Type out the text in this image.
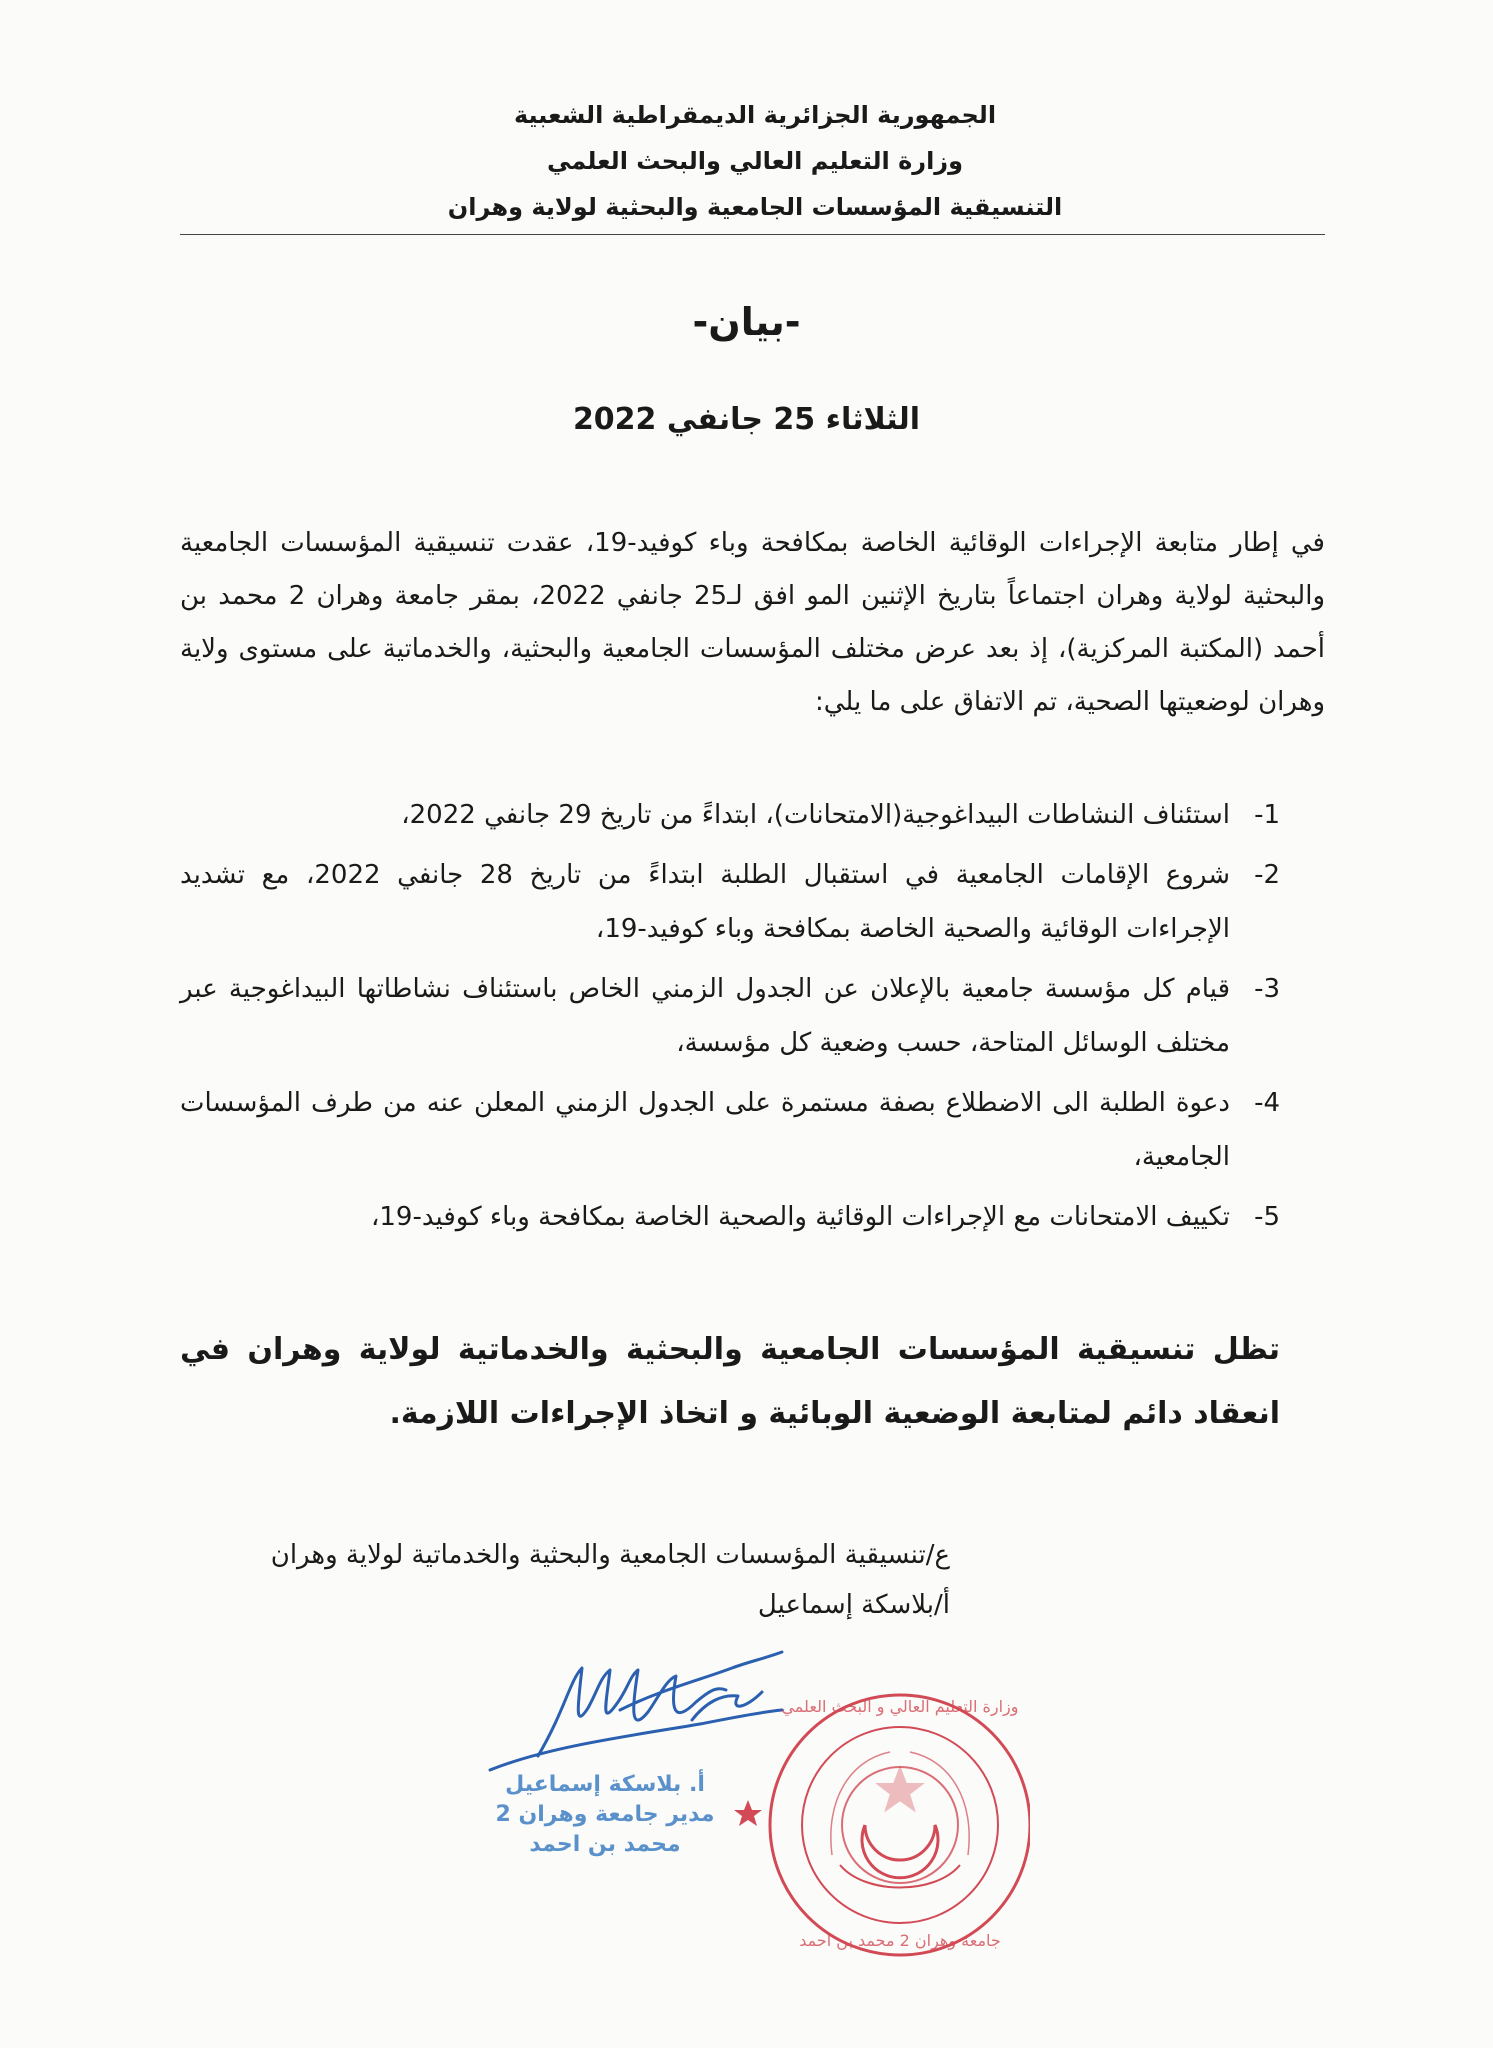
الجمهورية الجزائرية الديمقراطية الشعبية
وزارة التعليم العالي والبحث العلمي
التنسيقية المؤسسات الجامعية والبحثية لولاية وهران
-بيان-
الثلاثاء 25 جانفي 2022
في إطار متابعة الإجراءات الوقائية الخاصة بمكافحة وباء كوفيد-19، عقدت تنسيقية المؤسسات الجامعية والبحثية لولاية وهران اجتماعاً بتاريخ الإثنين المو افق لـ25 جانفي 2022، بمقر جامعة وهران 2 محمد بن أحمد (المكتبة المركزية)، إذ بعد عرض مختلف المؤسسات الجامعية والبحثية، والخدماتية على مستوى ولاية وهران لوضعيتها الصحية، تم الاتفاق على ما يلي:
1-
استئناف النشاطات البيداغوجية(الامتحانات)، ابتداءً من تاريخ 29 جانفي 2022،
2-
شروع الإقامات الجامعية في استقبال الطلبة ابتداءً من تاريخ 28 جانفي 2022، مع تشديد الإجراءات الوقائية والصحية الخاصة بمكافحة وباء كوفيد-19،
3-
قيام كل مؤسسة جامعية بالإعلان عن الجدول الزمني الخاص باستئناف نشاطاتها البيداغوجية عبر مختلف الوسائل المتاحة، حسب وضعية كل مؤسسة،
4-
دعوة الطلبة الى الاضطلاع بصفة مستمرة على الجدول الزمني المعلن عنه من طرف المؤسسات الجامعية،
5-
تكييف الامتحانات مع الإجراءات الوقائية والصحية الخاصة بمكافحة وباء كوفيد-19،
تظل تنسيقية المؤسسات الجامعية والبحثية والخدماتية لولاية وهران في انعقاد دائم لمتابعة الوضعية الوبائية و اتخاذ الإجراءات اللازمة.
ع/تنسيقية المؤسسات الجامعية والبحثية والخدماتية لولاية وهران
أ/بلاسكة إسماعيل
وزارة التعليم العالي و البحث العلمي
جامعة وهران 2 محمد بن احمد
أ. بلاسكة إسماعيل
مدير جامعة وهران 2
محمد بن احمد
